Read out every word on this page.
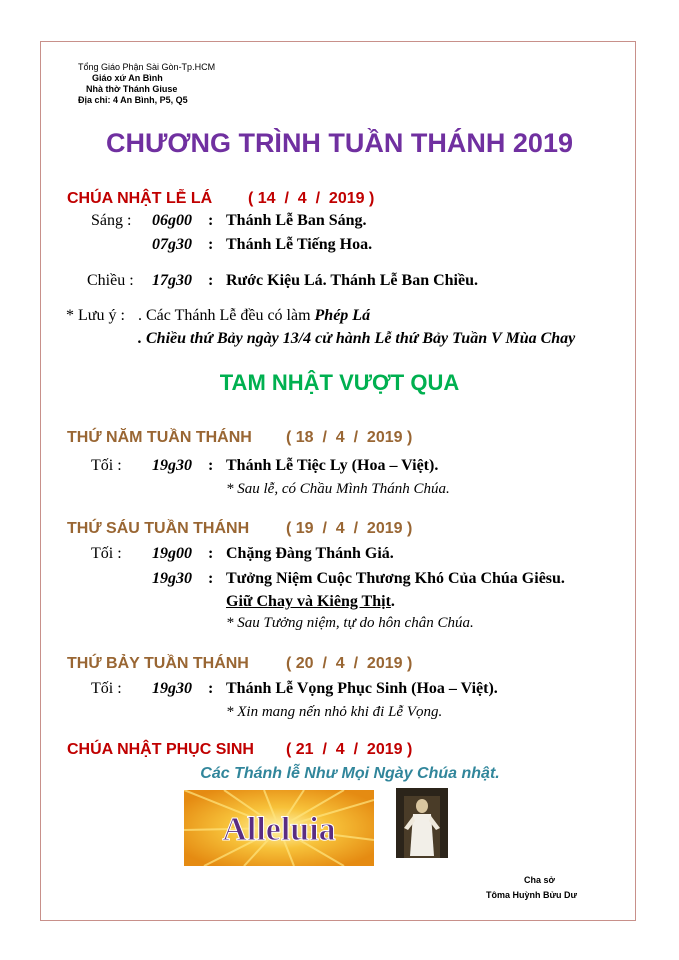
Tổng Giáo Phận Sài Gòn-Tp.HCM
Giáo xứ An Bình
Nhà thờ Thánh Giuse
Địa chỉ: 4 An Bình, P5, Q5
CHƯƠNG TRÌNH TUẦN THÁNH 2019
CHÚA NHẬT LỄ LÁ ( 14  /  4  /  2019 )
Sáng : 06g00 : Thánh Lễ Ban Sáng.
07g30 : Thánh Lễ Tiếng Hoa.
Chiều : 17g30 : Rước Kiệu Lá. Thánh Lễ Ban Chiều.
* Lưu ý : . Các Thánh Lễ đều có làm Phép Lá
. Chiều thứ Bảy ngày 13/4 cử hành Lễ thứ Bảy Tuần V Mùa Chay
TAM NHẬT VƯỢT QUA
THỨ NĂM TUẦN THÁNH ( 18  /  4  /  2019 )
Tối : 19g30 : Thánh Lễ Tiệc Ly (Hoa – Việt).
* Sau lễ, có Chầu Mình Thánh Chúa.
THỨ SÁU TUẦN THÁNH ( 19  /  4  /  2019 )
Tối : 19g00 : Chặng Đàng Thánh Giá.
19g30 : Tưởng Niệm Cuộc Thương Khó Của Chúa Giêsu.
Giữ Chay và Kiêng Thịt.
* Sau Tưởng niệm, tự do hôn chân Chúa.
THỨ BẢY TUẦN THÁNH ( 20  /  4  /  2019 )
Tối : 19g30 : Thánh Lễ Vọng Phục Sinh (Hoa – Việt).
* Xin mang nến nhỏ khi đi Lễ Vọng.
CHÚA NHẬT PHỤC SINH ( 21  /  4  /  2019 )
Các Thánh lễ Như Mọi Ngày Chúa nhật.
Alleluia
Cha sở
Tôma Huỳnh Bửu Dư
